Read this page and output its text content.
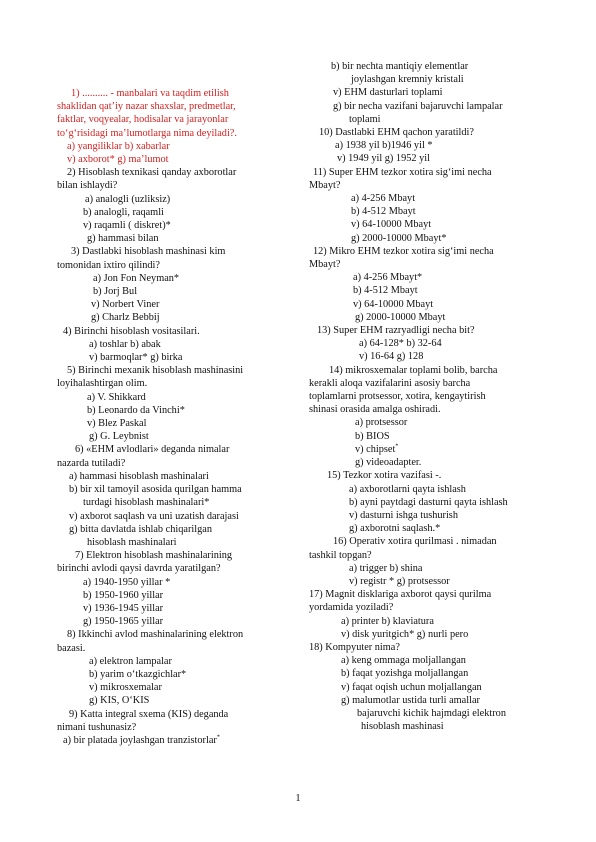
1) .......... - manbalari va taqdim etilish
shaklidan qat’iy nazar shaxslar, predmetlar,
faktlar, voqyealar, hodisalar va jarayonlar
to‘g‘risidagi ma’lumotlarga nima deyiladi?.
a) yangiliklar b) xabarlar
v) axborot* g) ma’lumot
2) Hisoblash texnikasi qanday axborotlar
bilan ishlaydi?
a) analogli (uzliksiz)
b) analogli, raqamli
v) raqamli ( diskret)*
g) hammasi bilan
3) Dastlabki hisoblash mashinasi kim
tomonidan ixtiro qilindi?
a) Jon Fon Neyman*
b) Jorj Bul
v) Norbert Viner
g) Charlz Bebbij
4) Birinchi hisoblash vositasilari.
a) toshlar b) abak
v) barmoqlar* g) birka
5) Birinchi mexanik hisoblash mashinasini
loyihalashtirgan olim.
a) V. Shikkard
b) Leonardo da Vinchi*
v) Blez Paskal
g) G. Leybnist
6) «EHM avlodlari» deganda nimalar
nazarda tutiladi?
a) hammasi hisoblash mashinalari
b) bir xil tamoyil asosida qurilgan hamma
turdagi hisoblash mashinalari*
v) axborot saqlash va uni uzatish darajasi
g) bitta davlatda ishlab chiqarilgan
hisoblash mashinalari
7) Elektron hisoblash mashinalarining
birinchi avlodi qaysi davrda yaratilgan?
a) 1940-1950 yillar *
b) 1950-1960 yillar
v) 1936-1945 yillar
g) 1950-1965 yillar
8) Ikkinchi avlod mashinalarining elektron
bazasi.
a) elektron lampalar
b) yarim o‘tkazgichlar*
v) mikrosxemalar
g) KIS, O‘KIS
9) Katta integral sxema (KIS) deganda
nimani tushunasiz?
a) bir platada joylashgan tranzistorlar*
b) bir nechta mantiqiy elementlar
joylashgan kremniy kristali
v) EHM dasturlari toplami
g) bir necha vazifani bajaruvchi lampalar
toplami
10) Dastlabki EHM qachon yaratildi?
a) 1938 yil b)1946 yil *
v) 1949 yil g) 1952 yil
11) Super EHM tezkor xotira sig‘imi necha
Mbayt?
a) 4-256 Mbayt
b) 4-512 Mbayt
v) 64-10000 Mbayt
g) 2000-10000 Mbayt*
12) Mikro EHM tezkor xotira sig‘imi necha
Mbayt?
a) 4-256 Mbayt*
b) 4-512 Mbayt
v) 64-10000 Mbayt
g) 2000-10000 Mbayt
13) Super EHM razryadligi necha bit?
a) 64-128* b) 32-64
v) 16-64 g) 128
14) mikrosxemalar toplami bolib, barcha
kerakli aloqa vazifalarini asosiy barcha
toplamlarni protsessor, xotira, kengaytirish
shinasi orasida amalga oshiradi.
a) protsessor
b) BIOS
v) chipset*
g) videoadapter.
15) Tezkor xotira vazifasi -.
a) axborotlarni qayta ishlash
b) ayni paytdagi dasturni qayta ishlash
v) dasturni ishga tushurish
g) axborotni saqlash.*
16) Operativ xotira qurilmasi . nimadan
tashkil topgan?
a) trigger b) shina
v) registr * g) protsessor
17) Magnit disklariga axborot qaysi qurilma
yordamida yoziladi?
a) printer b) klaviatura
v) disk yuritgich* g) nurli pero
18) Kompyuter nima?
a) keng ommaga moljallangan
b) faqat yozishga moljallangan
v) faqat oqish uchun moljallangan
g) malumotlar ustida turli amallar
bajaruvchi kichik hajmdagi elektron
hisoblash mashinasi
1
